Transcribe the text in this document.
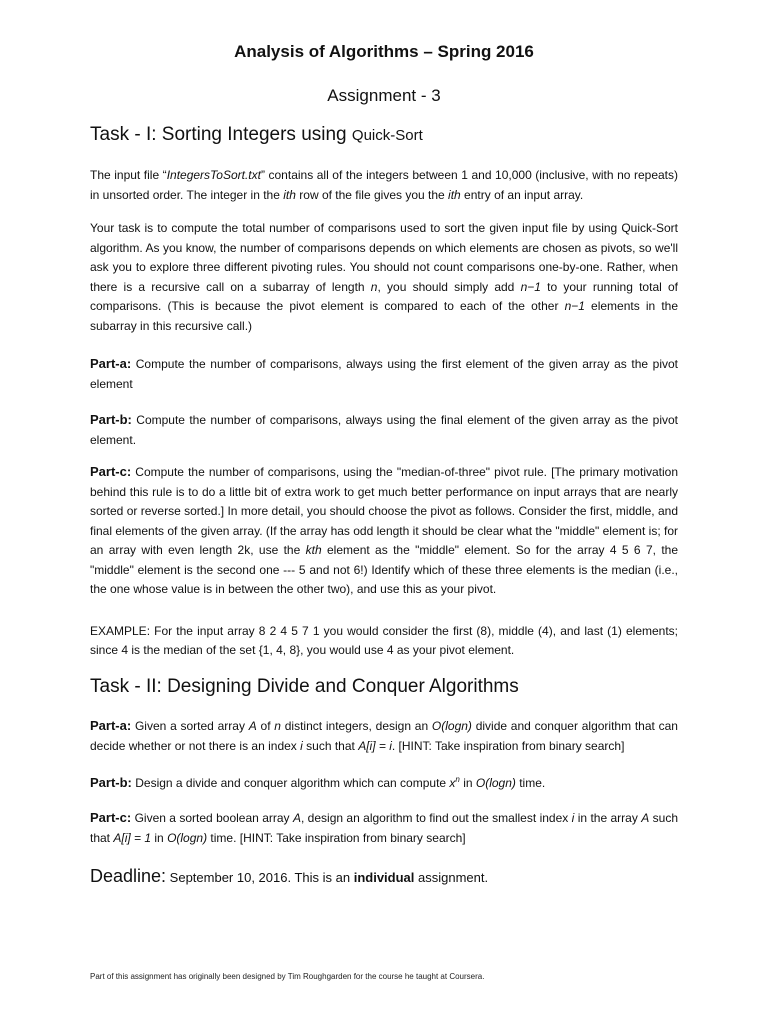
Analysis of Algorithms – Spring 2016
Assignment - 3
Task - I: Sorting Integers using Quick-Sort
The input file “IntegersToSort.txt” contains all of the integers between 1 and 10,000 (inclusive, with no repeats) in unsorted order. The integer in the ith row of the file gives you the ith entry of an input array.
Your task is to compute the total number of comparisons used to sort the given input file by using Quick-Sort algorithm. As you know, the number of comparisons depends on which elements are chosen as pivots, so we'll ask you to explore three different pivoting rules. You should not count comparisons one-by-one. Rather, when there is a recursive call on a subarray of length n, you should simply add n−1 to your running total of comparisons. (This is because the pivot element is compared to each of the other n−1 elements in the subarray in this recursive call.)
Part-a: Compute the number of comparisons, always using the first element of the given array as the pivot element
Part-b: Compute the number of comparisons, always using the final element of the given array as the pivot element.
Part-c: Compute the number of comparisons, using the "median-of-three" pivot rule. [The primary motivation behind this rule is to do a little bit of extra work to get much better performance on input arrays that are nearly sorted or reverse sorted.] In more detail, you should choose the pivot as follows. Consider the first, middle, and final elements of the given array. (If the array has odd length it should be clear what the "middle" element is; for an array with even length 2k, use the kth element as the "middle" element. So for the array 4 5 6 7, the "middle" element is the second one --- 5 and not 6!) Identify which of these three elements is the median (i.e., the one whose value is in between the other two), and use this as your pivot.
EXAMPLE: For the input array 8 2 4 5 7 1 you would consider the first (8), middle (4), and last (1) elements; since 4 is the median of the set {1, 4, 8}, you would use 4 as your pivot element.
Task - II: Designing Divide and Conquer Algorithms
Part-a: Given a sorted array A of n distinct integers, design an O(logn) divide and conquer algorithm that can decide whether or not there is an index i such that A[i] = i. [HINT: Take inspiration from binary search]
Part-b: Design a divide and conquer algorithm which can compute $x^n$ in O(logn) time.
Part-c: Given a sorted boolean array A, design an algorithm to find out the smallest index i in the array A such that A[i] = 1 in O(logn) time. [HINT: Take inspiration from binary search]
Deadline: September 10, 2016. This is an individual assignment.
Part of this assignment has originally been designed by Tim Roughgarden for the course he taught at Coursera.
